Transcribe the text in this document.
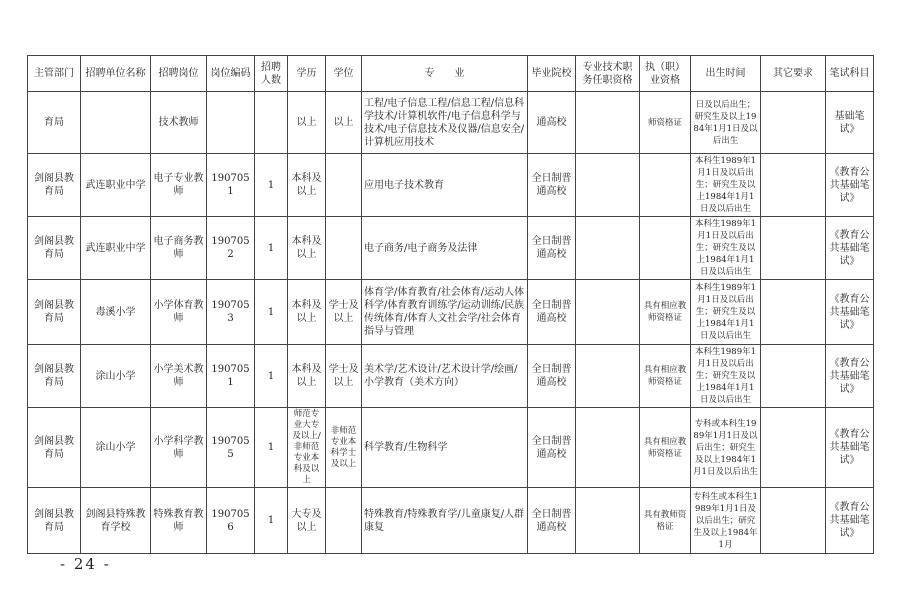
主管部门	招聘单位名称	招聘岗位	岗位编码	招聘人数	学历	学位	专　　业	毕业院校	专业技术职务任职资格	执（职）业资格	出生时间	其它要求	笔试科目
育局		技术教师			以上	以上	工程/电子信息工程/信息工程/信息科学技术/计算机软件/电子信息科学与技术/电子信息技术及仪器/信息安全/计算机应用技术	通高校		师资格证	日及以后出生；研究生及以上1984年1月1日及以后出生		基础笔试》
剑阁县教育局	武连职业中学	电子专业教师	1907051	1	本科及以上		应用电子技术教育	全日制普通高校			本科生1989年1月1日及以后出生；研究生及以上1984年1月1日及以后出生		《教育公共基础笔试》
剑阁县教育局	武连职业中学	电子商务教师	1907052	1	本科及以上		电子商务/电子商务及法律	全日制普通高校			本科生1989年1月1日及以后出生；研究生及以上1984年1月1日及以后出生		《教育公共基础笔试》
剑阁县教育局	毒溪小学	小学体育教师	1907053	1	本科及以上	学士及以上	体育学/体育教育/社会体育/运动人体科学/体育教育训练学/运动训练/民族传统体育/体育人文社会学/社会体育指导与管理	全日制普通高校		具有相应教师资格证	本科生1989年1月1日及以后出生；研究生及以上1984年1月1日及以后出生		《教育公共基础笔试》
剑阁县教育局	涂山小学	小学美术教师	1907051	1	本科及以上	学士及以上	美术学/艺术设计/艺术设计学/绘画/小学教育（美术方向）	全日制普通高校		具有相应教师资格证	本科生1989年1月1日及以后出生；研究生及以上1984年1月1日及以后出生		《教育公共基础笔试》
剑阁县教育局	涂山小学	小学科学教师	1907055	1	师范专业大专及以上/非师范专业本科及以上	非师范专业本科学士及以上	科学教育/生物科学	全日制普通高校		具有相应教师资格证	专科或本科生1989年1月1日及以后出生；研究生及以上1984年1月1日及以后出生		《教育公共基础笔试》
剑阁县教育局	剑阁县特殊教育学校	特殊教育教师	1907056	1	大专及以上		特殊教育/特殊教育学/儿童康复/人群康复	全日制普通高校		具有教师资格证	专科生或本科生1989年1月1日及以后出生；研究生及以上1984年1月		《教育公共基础笔试》
- 24 -
